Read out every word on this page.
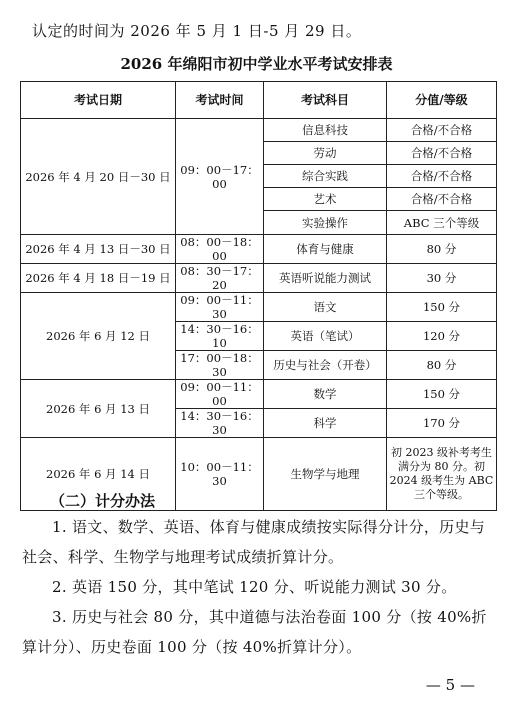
认定的时间为 2026 年 5 月 1 日-5 月 29 日。
2026 年绵阳市初中学业水平考试安排表
考试日期	考试时间	考试科目	分值/等级
2026 年 4 月 20 日－30 日	09：00－17：00	信息科技	合格/不合格
		劳动	合格/不合格
		综合实践	合格/不合格
		艺术	合格/不合格
		实验操作	ABC 三个等级
2026 年 4 月 13 日－30 日	08：00－18：00	体育与健康	80 分
2026 年 4 月 18 日－19 日	08：30－17：20	英语听说能力测试	30 分
2026 年 6 月 12 日	09：00－11：30	语文	150 分
	14：30－16：10	英语（笔试）	120 分
	17：00－18：30	历史与社会（开卷）	80 分
2026 年 6 月 13 日	09：00－11：00	数学	150 分
	14：30－16：30	科学	170 分
2026 年 6 月 14 日	10：00－11：30	生物学与地理	初 2023 级补考考生满分为 80 分。初 2024 级考生为 ABC 三个等级。
（二）计分办法
1. 语文、数学、英语、体育与健康成绩按实际得分计分，历史与社会、科学、生物学与地理考试成绩折算计分。
2. 英语 150 分，其中笔试 120 分、听说能力测试 30 分。
3. 历史与社会 80 分，其中道德与法治卷面 100 分（按 40%折算计分）、历史卷面 100 分（按 40%折算计分）。
— 5 —
